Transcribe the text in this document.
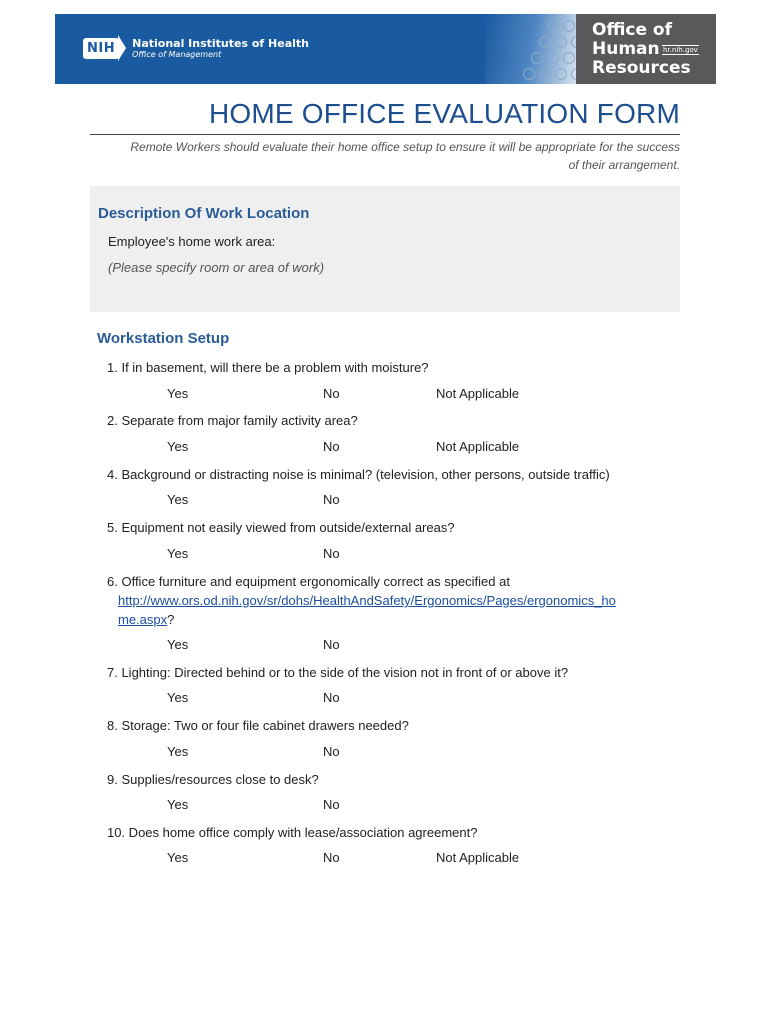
NIH	National Institutes of Health
Office of Management
Office of
Human
Resources
hr.nih.gov
HOME OFFICE EVALUATION FORM
Remote Workers should evaluate their home office setup to ensure it will be appropriate for the success
of their arrangement.
Description Of Work Location
Employee's home work area:
(Please specify room or area of work)
Workstation Setup
1. If in basement, will there be a problem with moisture?
Yes	No	Not Applicable
2. Separate from major family activity area?
Yes	No	Not Applicable
4. Background or distracting noise is minimal? (television, other persons, outside traffic)
Yes	No
5. Equipment not easily viewed from outside/external areas?
Yes	No
6. Office furniture and equipment ergonomically correct as specified at
http://www.ors.od.nih.gov/sr/dohs/HealthAndSafety/Ergonomics/Pages/ergonomics_ho
me.aspx?
Yes	No
7. Lighting: Directed behind or to the side of the vision not in front of or above it?
Yes	No
8. Storage: Two or four file cabinet drawers needed?
Yes	No
9. Supplies/resources close to desk?
Yes	No
10. Does home office comply with lease/association agreement?
Yes	No	Not Applicable
